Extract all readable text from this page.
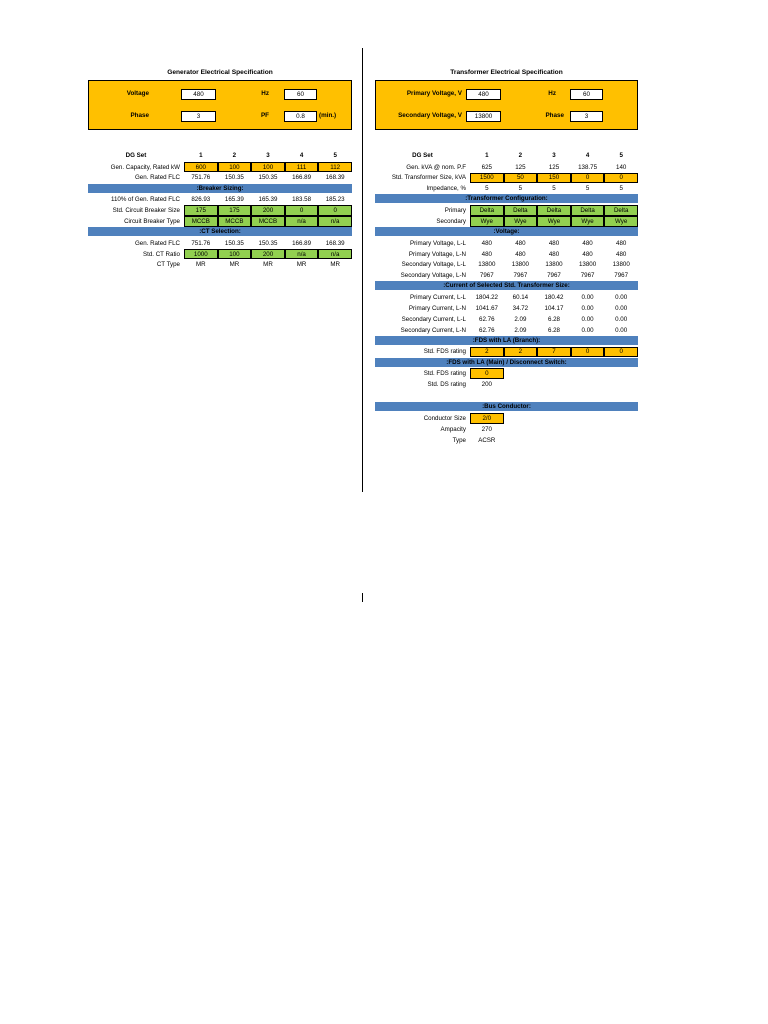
Generator Electrical Specification
Voltage	480	Hz	60
Phase	3	PF	0.8	(min.)
DG Set	1	2	3	4	5
Gen. Capacity, Rated kW	600	100	100	111	112
Gen. Rated FLC	751.76	150.35	150.35	166.89	168.39
:Breaker Sizing:
110% of Gen. Rated FLC	826.93	165.39	165.39	183.58	185.23
Std. Circuit Breaker Size	175	175	200	0	0
Circuit Breaker Type	MCCB	MCCB	MCCB	n/a	n/a
:CT Selection:
Gen. Rated FLC	751.76	150.35	150.35	166.89	168.39
Std. CT Ratio	1000	100	200	n/a	n/a
CT Type	MR	MR	MR	MR	MR
Transformer Electrical Specification
Primary Voltage, V	480	Hz	60
Secondary Voltage, V	13800	Phase	3
DG Set	1	2	3	4	5
Gen. kVA @ nom. P.F	625	125	125	138.75	140
Std. Transformer Size, kVA	1500	50	150	0	0
Impedance, %	5	5	5	5	5
:Transformer Configuration:
Primary	Delta	Delta	Delta	Delta	Delta
Secondary	Wye	Wye	Wye	Wye	Wye
:Voltage:
Primary Voltage, L-L	480	480	480	480	480
Primary Voltage, L-N	480	480	480	480	480
Secondary Voltage, L-L	13800	13800	13800	13800	13800
Secondary Voltage, L-N	7967	7967	7967	7967	7967
:Current of Selected Std. Transformer Size:
Primary Current, L-L	1804.22	60.14	180.42	0.00	0.00
Primary Current, L-N	1041.67	34.72	104.17	0.00	0.00
Secondary Current, L-L	62.76	2.09	6.28	0.00	0.00
Secondary Current, L-N	62.76	2.09	6.28	0.00	0.00
:FDS with LA (Branch):
Std. FDS rating	2	2	7	0	0
:FDS with LA (Main) / Disconnect Switch:
Std. FDS rating	0
Std. DS rating	200
:Bus Conductor:
Conductor Size	2/0
Ampacity	270
Type	ACSR
